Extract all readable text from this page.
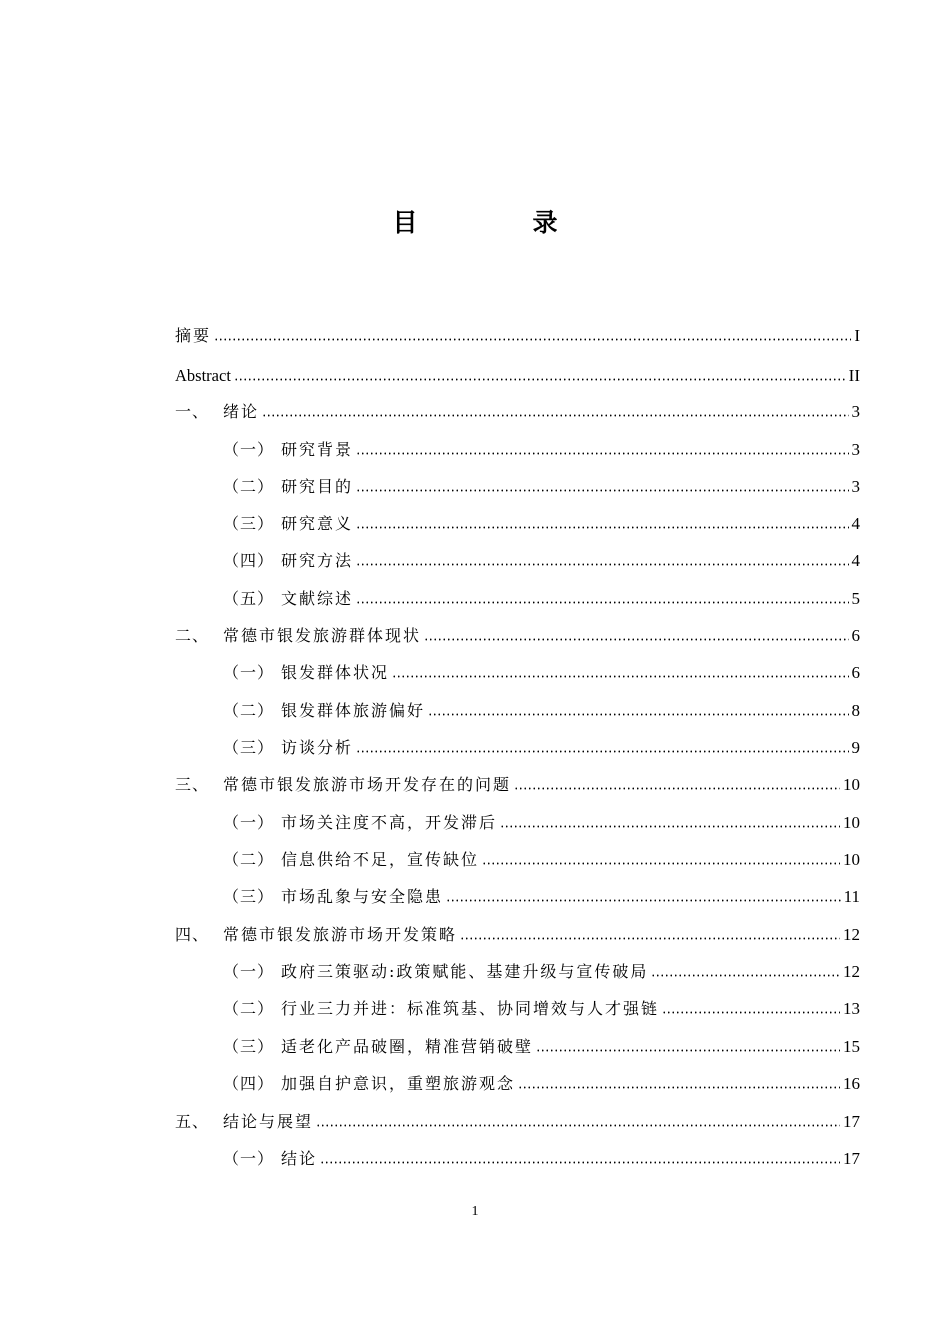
目　录
摘要	I
Abstract	II
一、 绪论	3
（一） 研究背景	3
（二） 研究目的	3
（三） 研究意义	4
（四） 研究方法	4
（五） 文献综述	5
二、 常德市银发旅游群体现状	6
（一） 银发群体状况	6
（二） 银发群体旅游偏好	8
（三） 访谈分析	9
三、 常德市银发旅游市场开发存在的问题	10
（一） 市场关注度不高，开发滞后	10
（二） 信息供给不足，宣传缺位	10
（三） 市场乱象与安全隐患	11
四、 常德市银发旅游市场开发策略	12
（一） 政府三策驱动:政策赋能、基建升级与宣传破局	12
（二） 行业三力并进：标准筑基、协同增效与人才强链	13
（三） 适老化产品破圈，精准营销破壁	15
（四） 加强自护意识，重塑旅游观念	16
五、 结论与展望	17
（一） 结论	17
1
